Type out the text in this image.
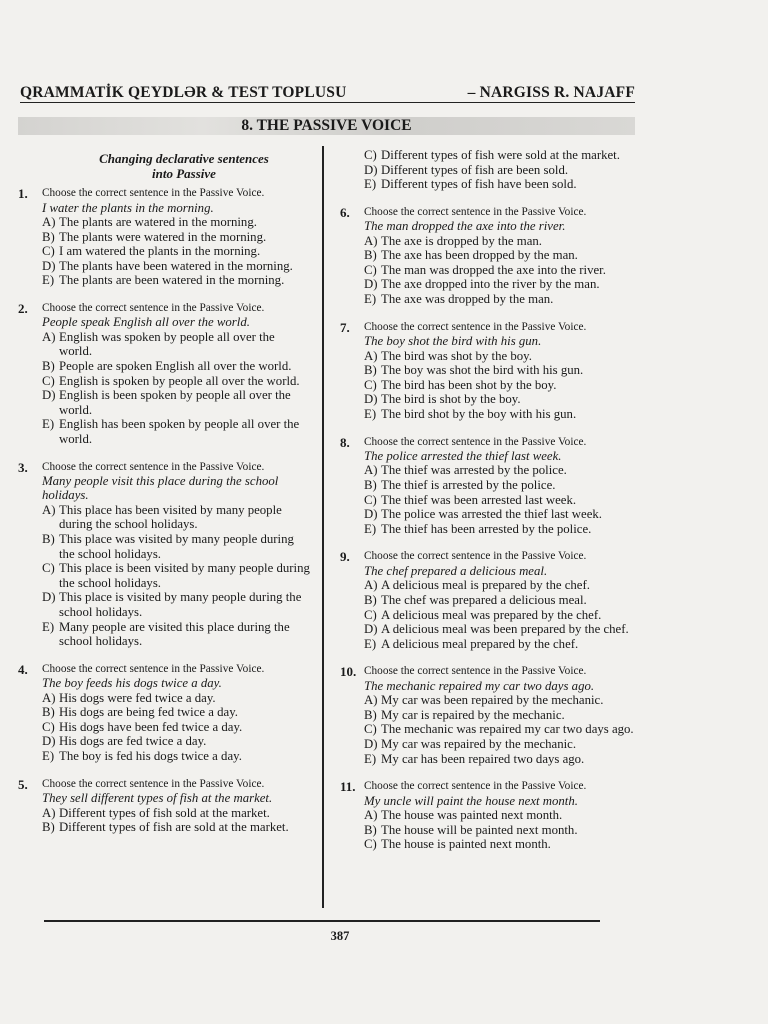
QRAMMATİK QEYDLƏR & TEST TOPLUSU	– NARGISS R. NAJAFF
8. THE PASSIVE VOICE
Changing declarative sentences
into Passive
1. Choose the correct sentence in the Passive Voice.
I water the plants in the morning.
A) The plants are watered in the morning.
B) The plants were watered in the morning.
C) I am watered the plants in the morning.
D) The plants have been watered in the morning.
E) The plants are been watered in the morning.
2. Choose the correct sentence in the Passive Voice.
People speak English all over the world.
A) English was spoken by people all over the world.
B) People are spoken English all over the world.
C) English is spoken by people all over the world.
D) English is been spoken by people all over the world.
E) English has been spoken by people all over the world.
3. Choose the correct sentence in the Passive Voice.
Many people visit this place during the school holidays.
A) This place has been visited by many people during the school holidays.
B) This place was visited by many people during the school holidays.
C) This place is been visited by many people during the school holidays.
D) This place is visited by many people during the school holidays.
E) Many people are visited this place during the school holidays.
4. Choose the correct sentence in the Passive Voice.
The boy feeds his dogs twice a day.
A) His dogs were fed twice a day.
B) His dogs are being fed twice a day.
C) His dogs have been fed twice a day.
D) His dogs are fed twice a day.
E) The boy is fed his dogs twice a day.
5. Choose the correct sentence in the Passive Voice.
They sell different types of fish at the market.
A) Different types of fish sold at the market.
B) Different types of fish are sold at the market.
C) Different types of fish were sold at the market.
D) Different types of fish are been sold.
E) Different types of fish have been sold.
6. Choose the correct sentence in the Passive Voice.
The man dropped the axe into the river.
A) The axe is dropped by the man.
B) The axe has been dropped by the man.
C) The man was dropped the axe into the river.
D) The axe dropped into the river by the man.
E) The axe was dropped by the man.
7. Choose the correct sentence in the Passive Voice.
The boy shot the bird with his gun.
A) The bird was shot by the boy.
B) The boy was shot the bird with his gun.
C) The bird has been shot by the boy.
D) The bird is shot by the boy.
E) The bird shot by the boy with his gun.
8. Choose the correct sentence in the Passive Voice.
The police arrested the thief last week.
A) The thief was arrested by the police.
B) The thief is arrested by the police.
C) The thief was been arrested last week.
D) The police was arrested the thief last week.
E) The thief has been arrested by the police.
9. Choose the correct sentence in the Passive Voice.
The chef prepared a delicious meal.
A) A delicious meal is prepared by the chef.
B) The chef was prepared a delicious meal.
C) A delicious meal was prepared by the chef.
D) A delicious meal was been prepared by the chef.
E) A delicious meal prepared by the chef.
10. Choose the correct sentence in the Passive Voice.
The mechanic repaired my car two days ago.
A) My car was been repaired by the mechanic.
B) My car is repaired by the mechanic.
C) The mechanic was repaired my car two days ago.
D) My car was repaired by the mechanic.
E) My car has been repaired two days ago.
11. Choose the correct sentence in the Passive Voice.
My uncle will paint the house next month.
A) The house was painted next month.
B) The house will be painted next month.
C) The house is painted next month.
387
